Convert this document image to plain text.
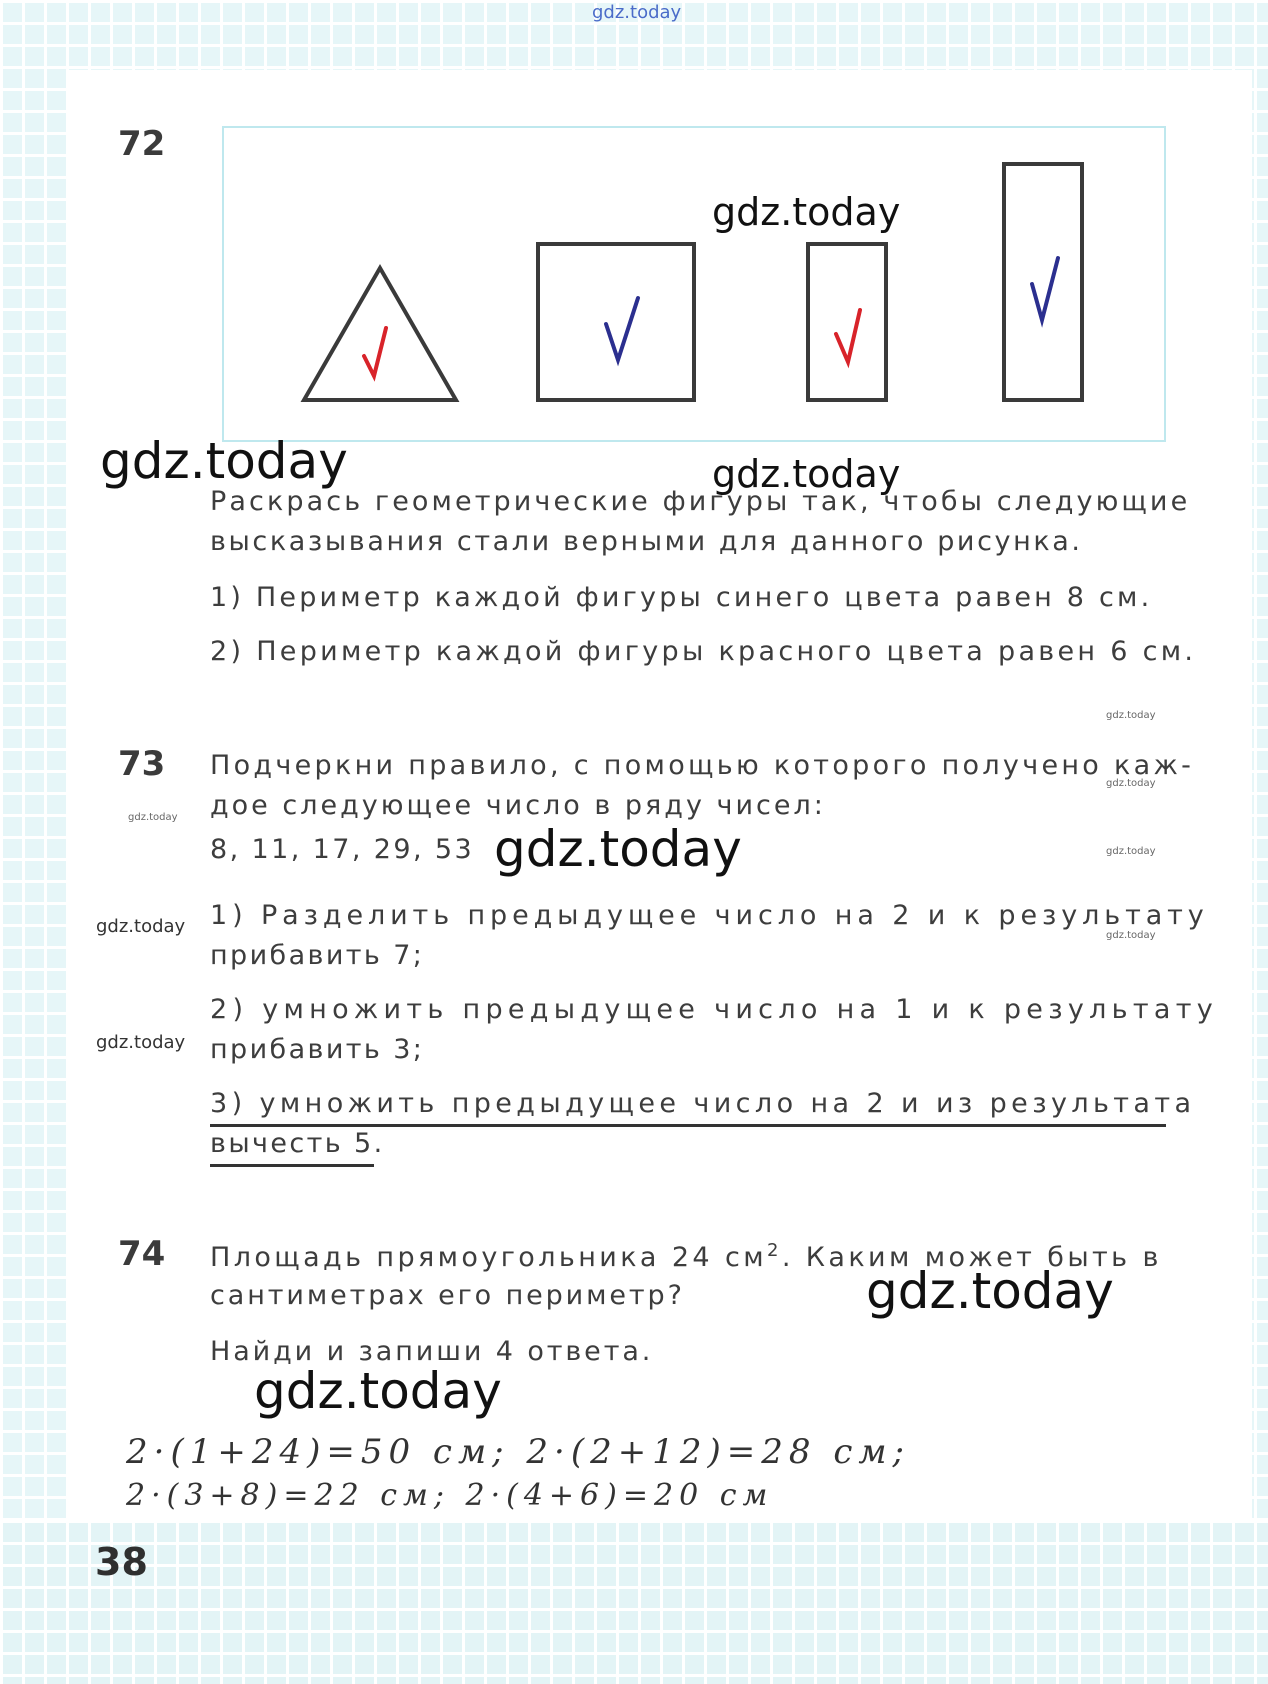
gdz.today
72
gdz.today
gdz.today	gdz.today
Раскрась геометрические фигуры так, чтобы следующие
высказывания стали верными для данного рисунка.
1) Периметр каждой фигуры синего цвета равен 8 см.
2) Периметр каждой фигуры красного цвета равен 6 см.
gdz.today
73
gdz.today
Подчеркни правило, с помощью которого получено каж-
gdz.today
дое следующее число в ряду чисел:
8, 11, 17, 29, 53 gdz.today	gdz.today
gdz.today 1) Разделить предыдущее число на 2 и к результату
gdz.today
прибавить 7;
gdz.today
2) умножить предыдущее число на 1 и к результату
прибавить 3;
3) умножить предыдущее число на 2 и из результата
вычесть 5.
74 Площадь прямоугольника 24 $см^2$. Каким может быть в
сантиметрах его периметр?	gdz.today
Найди и запиши 4 ответа.
gdz.today
2·(1+24)=50 см; 2·(2+12)=28 см;
2·(3+8)=22 см; 2·(4+6)=20 см
38
